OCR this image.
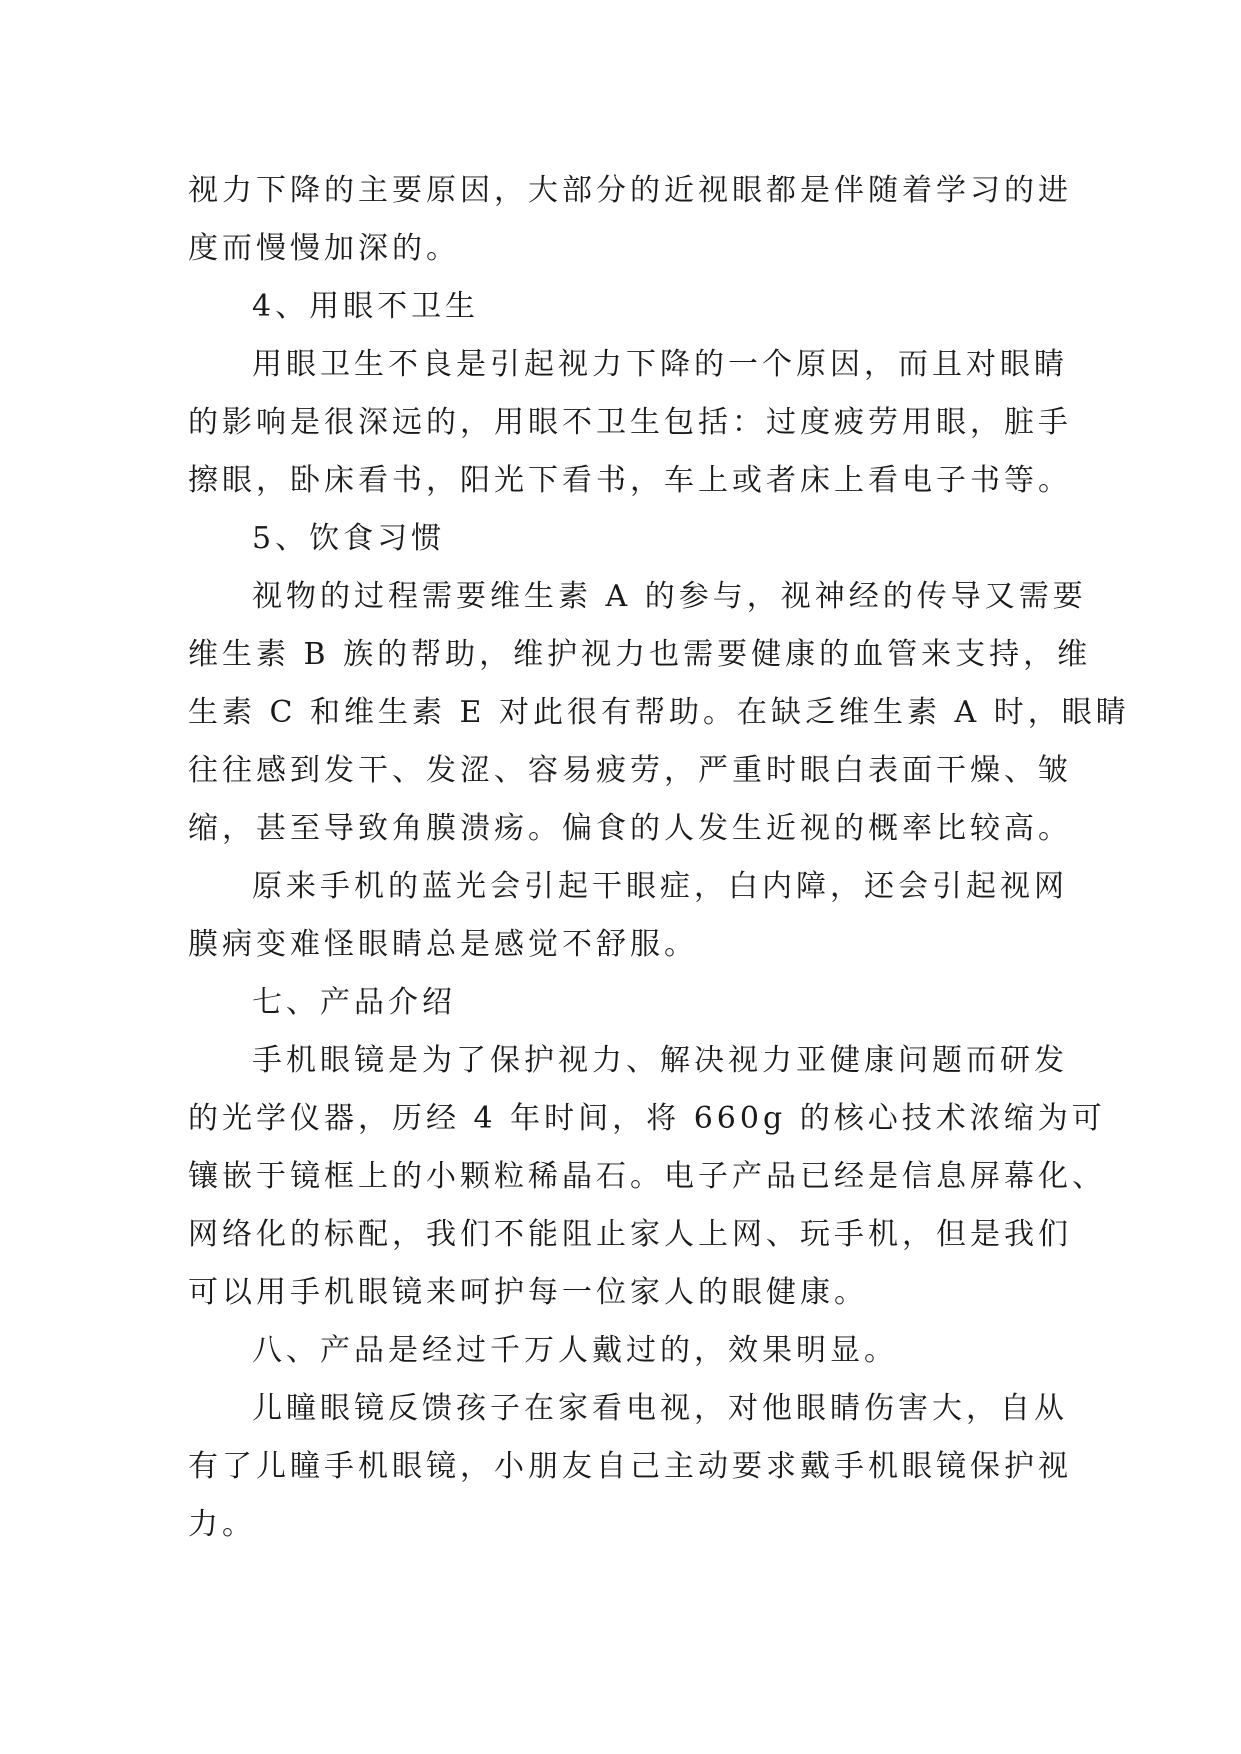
视力下降的主要原因，大部分的近视眼都是伴随着学习的进

度而慢慢加深的。

4、用眼不卫生

用眼卫生不良是引起视力下降的一个原因，而且对眼睛

的影响是很深远的，用眼不卫生包括：过度疲劳用眼，脏手

擦眼，卧床看书，阳光下看书，车上或者床上看电子书等。

5、饮食习惯

视物的过程需要维生素 A 的参与，视神经的传导又需要

维生素 B 族的帮助，维护视力也需要健康的血管来支持，维

生素 C 和维生素 E 对此很有帮助。在缺乏维生素 A 时，眼睛

往往感到发干、发涩、容易疲劳，严重时眼白表面干燥、皱

缩，甚至导致角膜溃疡。偏食的人发生近视的概率比较高。

原来手机的蓝光会引起干眼症，白内障，还会引起视网

膜病变难怪眼睛总是感觉不舒服。

七、产品介绍

手机眼镜是为了保护视力、解决视力亚健康问题而研发

的光学仪器，历经 4 年时间，将 660g 的核心技术浓缩为可

镶嵌于镜框上的小颗粒稀晶石。电子产品已经是信息屏幕化、

网络化的标配，我们不能阻止家人上网、玩手机，但是我们

可以用手机眼镜来呵护每一位家人的眼健康。

八、产品是经过千万人戴过的，效果明显。

儿瞳眼镜反馈孩子在家看电视，对他眼睛伤害大，自从

有了儿瞳手机眼镜，小朋友自己主动要求戴手机眼镜保护视

力。
